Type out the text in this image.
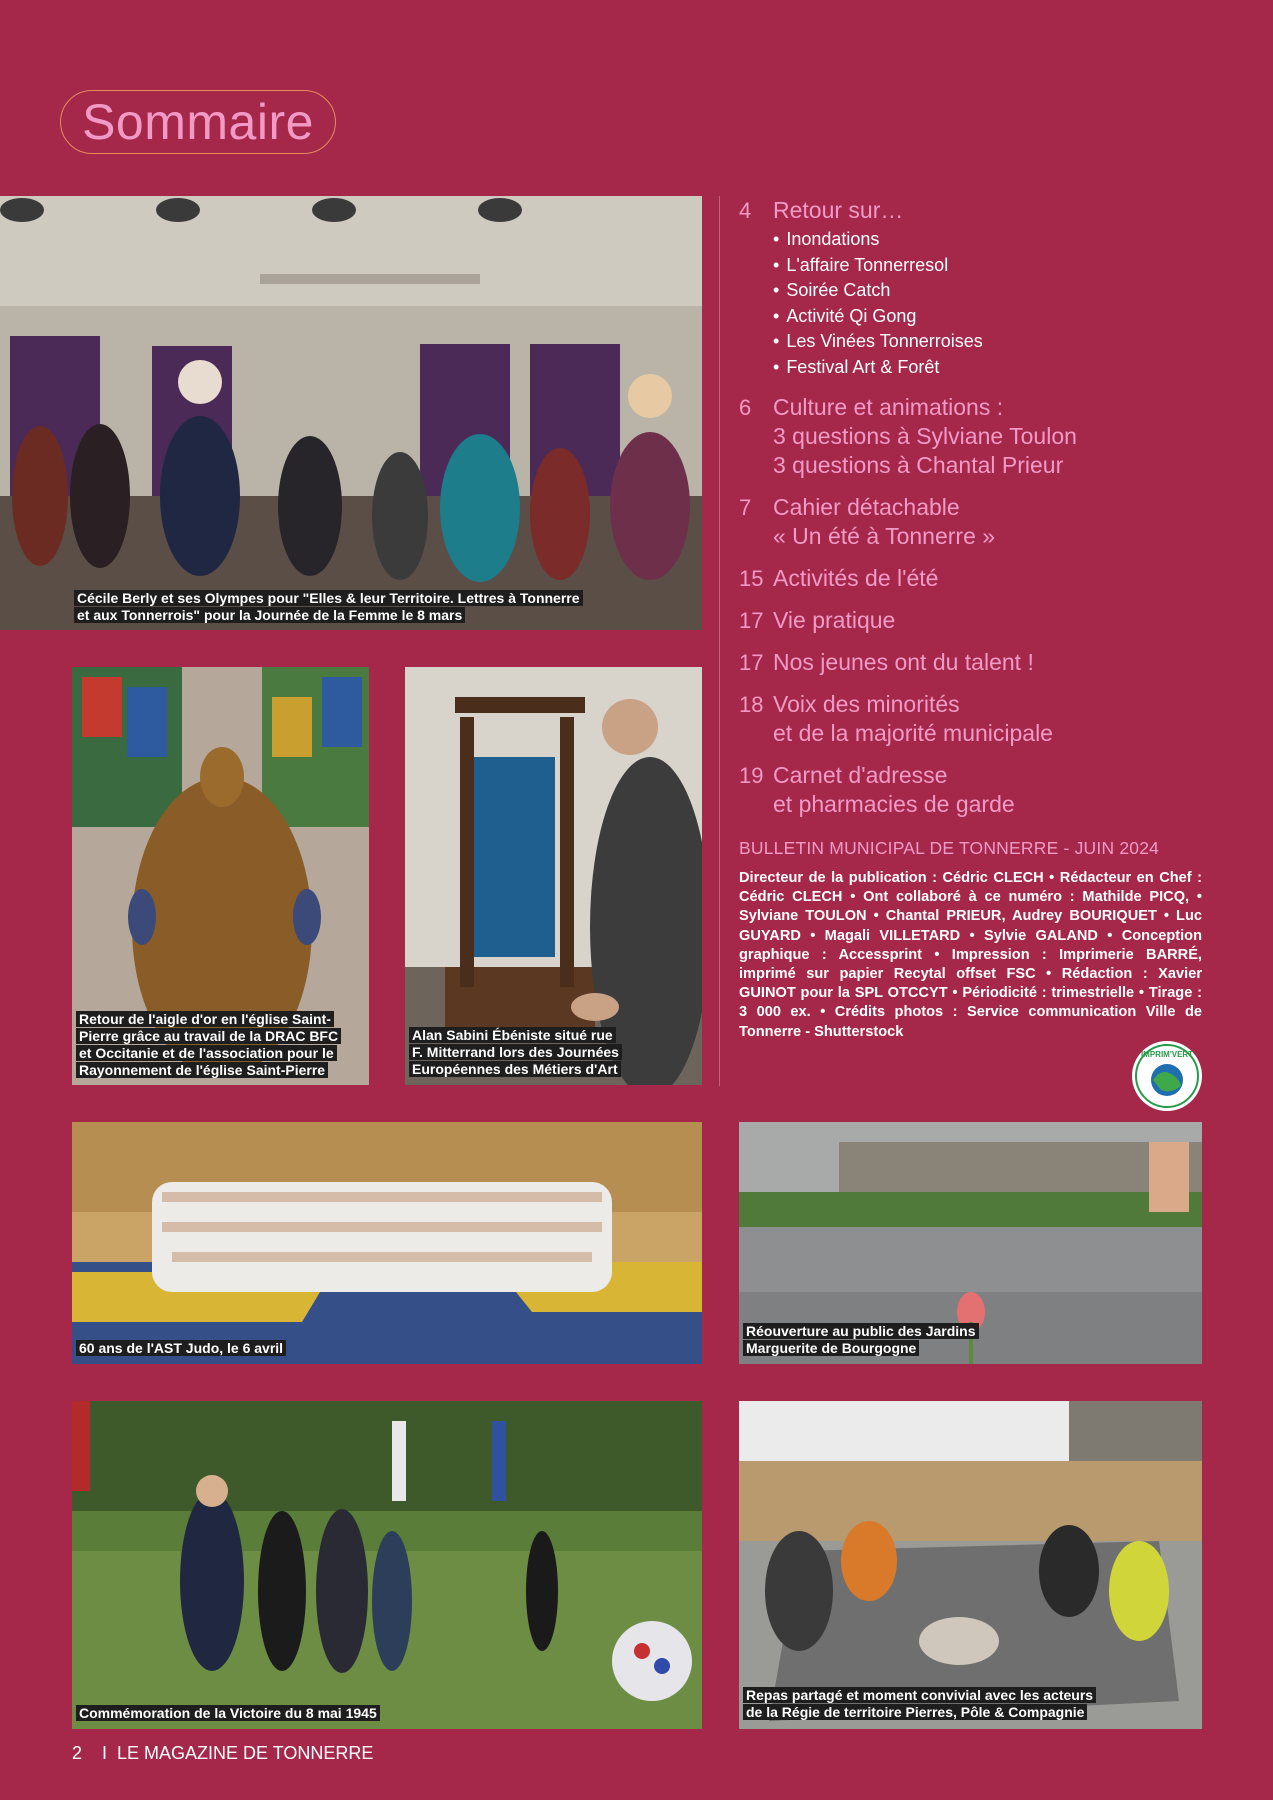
Sommaire
Cécile Berly et ses Olympes pour "Elles & leur Territoire. Lettres à Tonnerre
et aux Tonnerrois" pour la Journée de la Femme le 8 mars
Retour de l'aigle d'or en l'église Saint-
Pierre grâce au travail de la DRAC BFC
et Occitanie et de l'association pour le
Rayonnement de l'église Saint-Pierre
Alan Sabini Ébéniste situé rue
F. Mitterrand lors des Journées
Européennes des Métiers d'Art
60 ans de l'AST Judo, le 6 avril
Réouverture au public des Jardins
Marguerite de Bourgogne
Commémoration de la Victoire du 8 mai 1945
Repas partagé et moment convivial avec les acteurs
de la Régie de territoire Pierres, Pôle & Compagnie
4 Retour sur…
• Inondations
• L'affaire Tonnerresol
• Soirée Catch
• Activité Qi Gong
• Les Vinées Tonnerroises
• Festival Art & Forêt
6 Culture et animations :
3 questions à Sylviane Toulon
3 questions à Chantal Prieur
7 Cahier détachable
« Un été à Tonnerre »
15 Activités de l'été
17 Vie pratique
17 Nos jeunes ont du talent !
18 Voix des minorités
et de la majorité municipale
19 Carnet d'adresse
et pharmacies de garde
BULLETIN MUNICIPAL DE TONNERRE - JUIN 2024
Directeur de la publication : Cédric CLECH • Rédacteur en Chef : Cédric CLECH • Ont collaboré à ce numéro : Mathilde PICQ, • Sylviane TOULON • Chantal PRIEUR, Audrey BOURIQUET • Luc GUYARD • Magali VILLETARD • Sylvie GALAND • Conception graphique : Accessprint • Impression : Imprimerie BARRÉ, imprimé sur papier Recytal offset FSC • Rédaction : Xavier GUINOT pour la SPL OTCCYT • Périodicité : trimestrielle • Tirage : 3 000 ex. • Crédits photos : Service communication Ville de Tonnerre - Shutterstock
IMPRIM'VERT
2 I LE MAGAZINE DE TONNERRE
